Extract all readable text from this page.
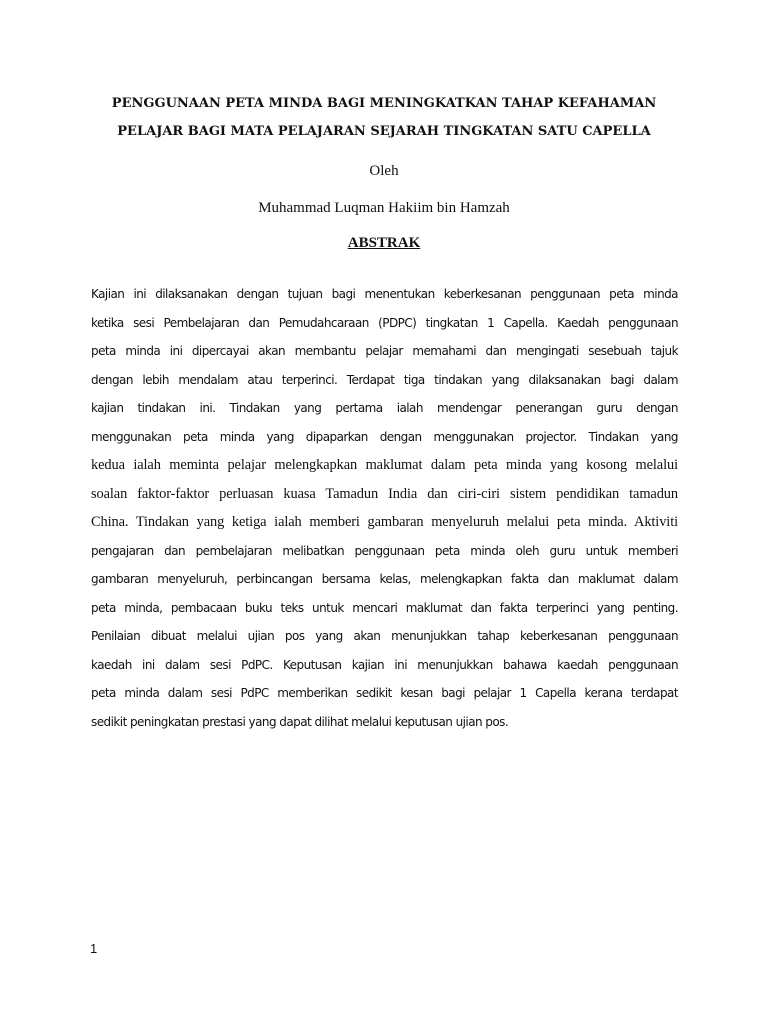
PENGGUNAAN PETA MINDA BAGI MENINGKATKAN TAHAP KEFAHAMAN
PELAJAR BAGI MATA PELAJARAN SEJARAH TINGKATAN SATU CAPELLA

Oleh

Muhammad Luqman Hakiim bin Hamzah

ABSTRAK
Kajian ini dilaksanakan dengan tujuan bagi menentukan keberkesanan penggunaan peta minda
ketika sesi Pembelajaran dan Pemudahcaraan (PDPC) tingkatan 1 Capella. Kaedah penggunaan
peta minda ini dipercayai akan membantu pelajar memahami dan mengingati sesebuah tajuk
dengan lebih mendalam atau terperinci. Terdapat tiga tindakan yang dilaksanakan bagi dalam
kajian tindakan ini. Tindakan yang pertama ialah mendengar penerangan guru dengan
menggunakan peta minda yang dipaparkan dengan menggunakan projector. Tindakan yang
kedua ialah meminta pelajar melengkapkan maklumat dalam peta minda yang kosong melalui
soalan faktor-faktor perluasan kuasa Tamadun India dan ciri-ciri sistem pendidikan tamadun
China. Tindakan yang ketiga ialah memberi gambaran menyeluruh melalui peta minda. Aktiviti
pengajaran dan pembelajaran melibatkan penggunaan peta minda oleh guru untuk memberi
gambaran menyeluruh, perbincangan bersama kelas, melengkapkan fakta dan maklumat dalam
peta minda, pembacaan buku teks untuk mencari maklumat dan fakta terperinci yang penting.
Penilaian dibuat melalui ujian pos yang akan menunjukkan tahap keberkesanan penggunaan
kaedah ini dalam sesi PdPC. Keputusan kajian ini menunjukkan bahawa kaedah penggunaan
peta minda dalam sesi PdPC memberikan sedikit kesan bagi pelajar 1 Capella kerana terdapat
sedikit peningkatan prestasi yang dapat dilihat melalui keputusan ujian pos.

1
